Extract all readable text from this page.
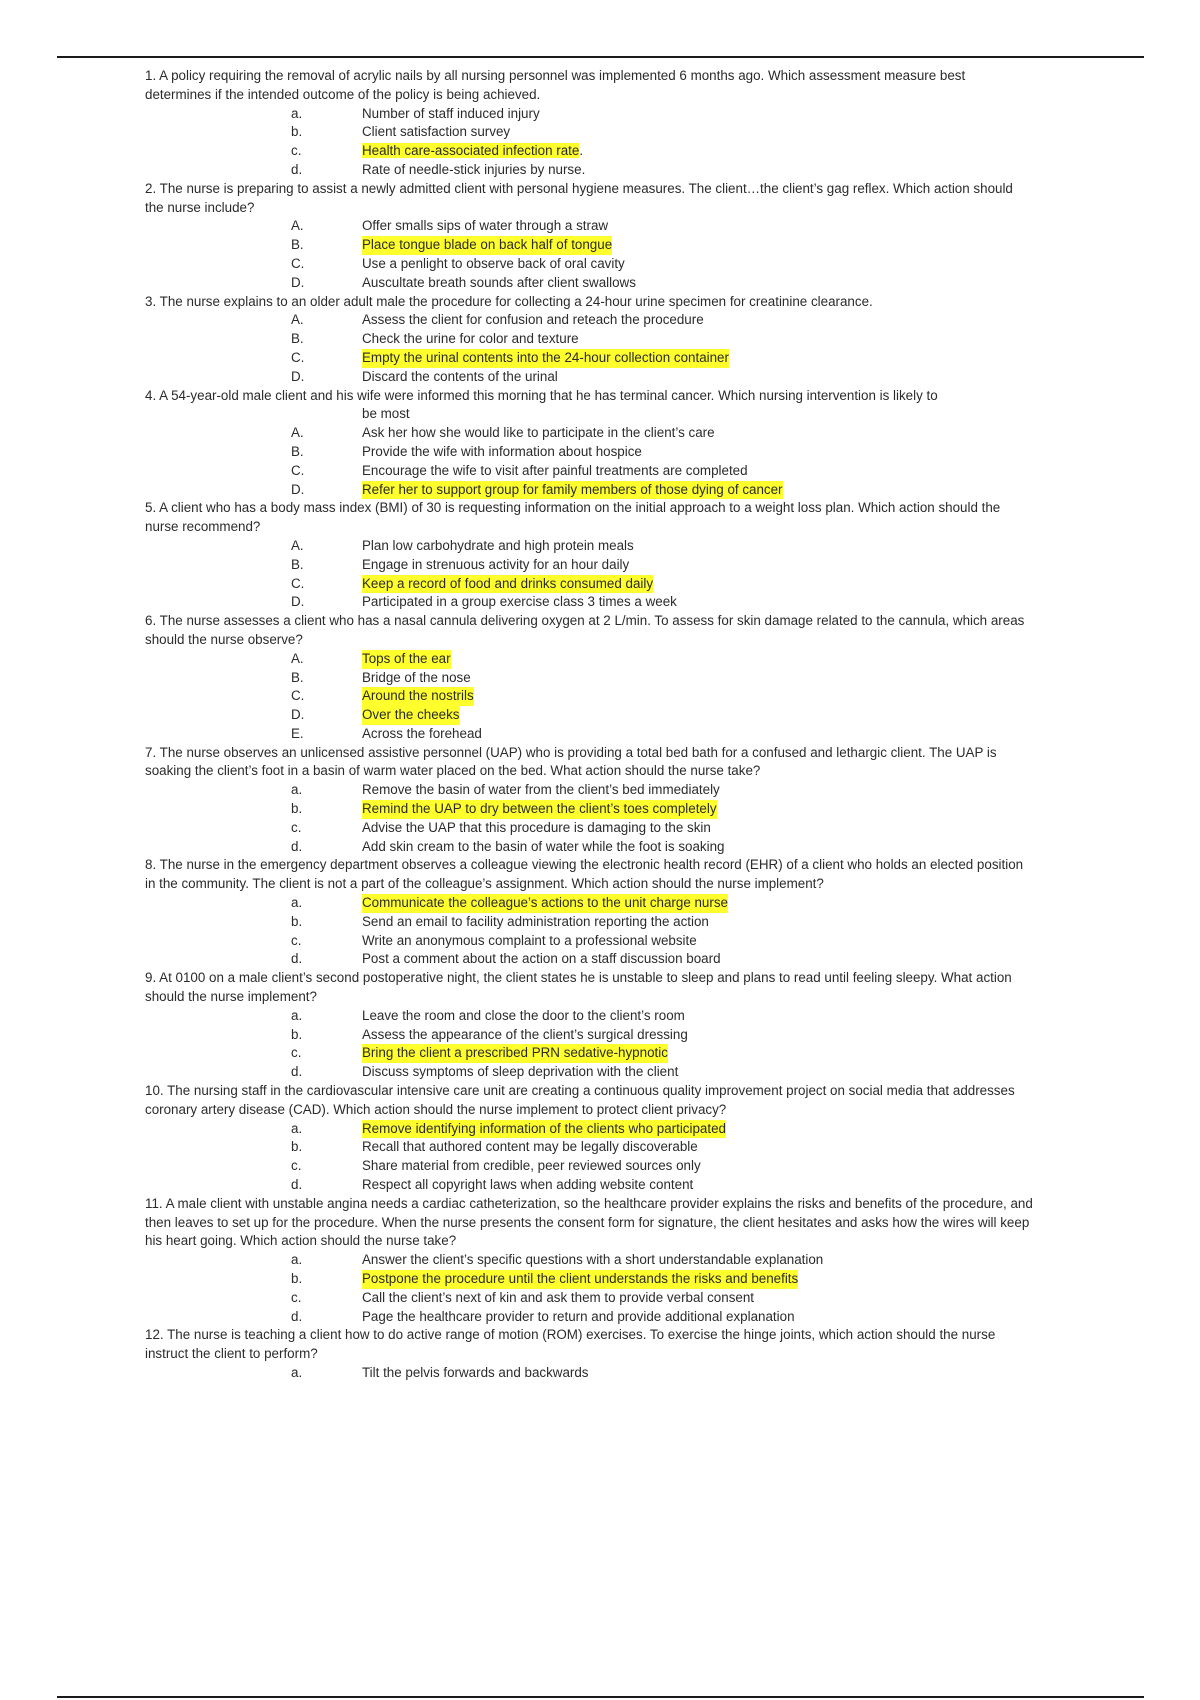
1. A policy requiring the removal of acrylic nails by all nursing personnel was implemented 6 months ago. Which assessment measure best determines if the intended outcome of the policy is being achieved.

a.	Number of staff induced injury
b.	Client satisfaction survey
c.	Health care-associated infection rate.
d.	Rate of needle-stick injuries by nurse.

2. The nurse is preparing to assist a newly admitted client with personal hygiene measures. The client…the client’s gag reflex. Which action should the nurse include?

A.	Offer smalls sips of water through a straw
B.	Place tongue blade on back half of tongue
C.	Use a penlight to observe back of oral cavity
D.	Auscultate breath sounds after client swallows

3. The nurse explains to an older adult male the procedure for collecting a 24-hour urine specimen for creatinine clearance.

A.	Assess the client for confusion and reteach the procedure
B.	Check the urine for color and texture
C.	Empty the urinal contents into the 24-hour collection container
D.	Discard the contents of the urinal

4. A 54-year-old male client and his wife were informed this morning that he has terminal cancer. Which nursing intervention is likely to

be most
A.	Ask her how she would like to participate in the client’s care
B.	Provide the wife with information about hospice
C.	Encourage the wife to visit after painful treatments are completed
D.	Refer her to support group for family members of those dying of cancer

5. A client who has a body mass index (BMI) of 30 is requesting information on the initial approach to a weight loss plan. Which action should the nurse recommend?

A.	Plan low carbohydrate and high protein meals
B.	Engage in strenuous activity for an hour daily
C.	Keep a record of food and drinks consumed daily
D.	Participated in a group exercise class 3 times a week

6. The nurse assesses a client who has a nasal cannula delivering oxygen at 2 L/min. To assess for skin damage related to the cannula, which areas should the nurse observe?

A.	Tops of the ear
B.	Bridge of the nose
C.	Around the nostrils
D.	Over the cheeks
E.	Across the forehead

7. The nurse observes an unlicensed assistive personnel (UAP) who is providing a total bed bath for a confused and lethargic client. The UAP is soaking the client’s foot in a basin of warm water placed on the bed. What action should the nurse take?

a.	Remove the basin of water from the client’s bed immediately
b.	Remind the UAP to dry between the client’s toes completely
c.	Advise the UAP that this procedure is damaging to the skin
d.	Add skin cream to the basin of water while the foot is soaking

8. The nurse in the emergency department observes a colleague viewing the electronic health record (EHR) of a client who holds an elected position in the community. The client is not a part of the colleague’s assignment. Which action should the nurse implement?

a.	Communicate the colleague’s actions to the unit charge nurse
b.	Send an email to facility administration reporting the action
c.	Write an anonymous complaint to a professional website
d.	Post a comment about the action on a staff discussion board

9. At 0100 on a male client’s second postoperative night, the client states he is unstable to sleep and plans to read until feeling sleepy. What action should the nurse implement?

a.	Leave the room and close the door to the client’s room
b.	Assess the appearance of the client’s surgical dressing
c.	Bring the client a prescribed PRN sedative-hypnotic
d.	Discuss symptoms of sleep deprivation with the client

10. The nursing staff in the cardiovascular intensive care unit are creating a continuous quality improvement project on social media that addresses coronary artery disease (CAD). Which action should the nurse implement to protect client privacy?

a.	Remove identifying information of the clients who participated
b.	Recall that authored content may be legally discoverable
c.	Share material from credible, peer reviewed sources only
d.	Respect all copyright laws when adding website content

11. A male client with unstable angina needs a cardiac catheterization, so the healthcare provider explains the risks and benefits of the procedure, and then leaves to set up for the procedure. When the nurse presents the consent form for signature, the client hesitates and asks how the wires will keep his heart going. Which action should the nurse take?

a.	Answer the client’s specific questions with a short understandable explanation
b.	Postpone the procedure until the client understands the risks and benefits
c.	Call the client’s next of kin and ask them to provide verbal consent
d.	Page the healthcare provider to return and provide additional explanation

12. The nurse is teaching a client how to do active range of motion (ROM) exercises. To exercise the hinge joints, which action should the nurse instruct the client to perform?

a.	Tilt the pelvis forwards and backwards
